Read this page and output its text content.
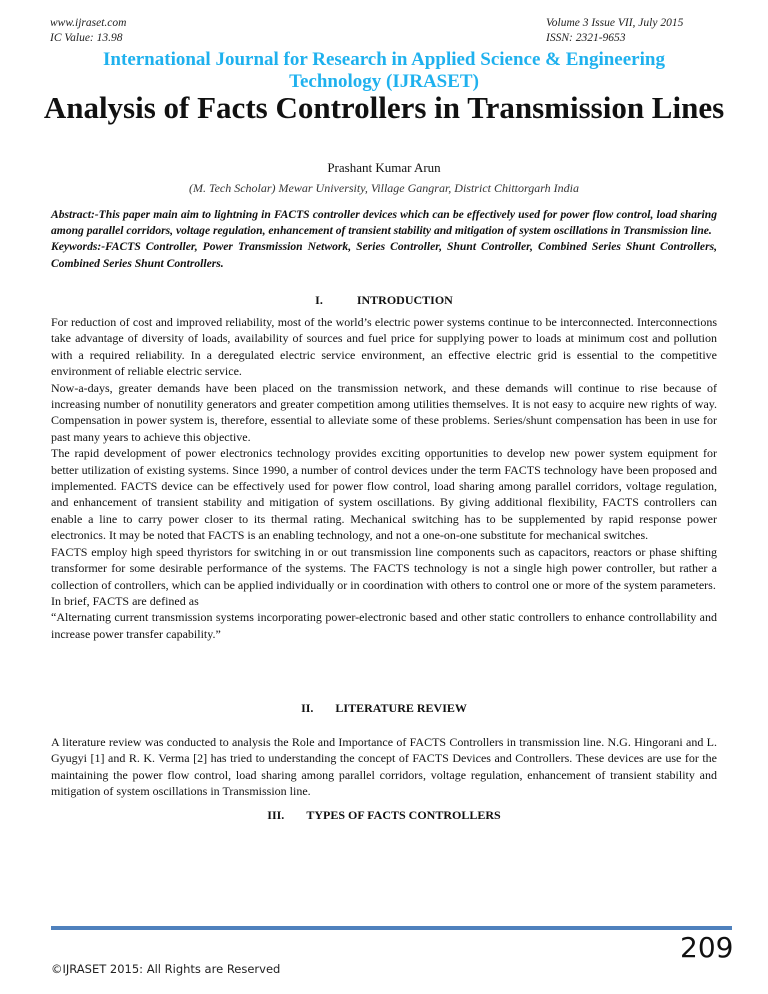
www.ijraset.com
IC Value: 13.98
Volume 3 Issue VII, July 2015
ISSN: 2321-9653
International Journal for Research in Applied Science & Engineering
Technology (IJRASET)
Analysis of Facts Controllers in Transmission Lines
Prashant Kumar Arun
(M. Tech Scholar) Mewar University, Village Gangrar, District Chittorgarh India

Abstract:-This paper main aim to lightning in FACTS controller devices which can be effectively used for power flow control, load sharing among parallel corridors, voltage regulation, enhancement of transient stability and mitigation of system oscillations in Transmission line.

Keywords:-FACTS Controller, Power Transmission Network, Series Controller, Shunt Controller, Combined Series Shunt Controllers, Combined Series Shunt Controllers.

I.	INTRODUCTION

For reduction of cost and improved reliability, most of the world’s electric power systems continue to be interconnected. Interconnections take advantage of diversity of loads, availability of sources and fuel price for supplying power to loads at minimum cost and pollution with a required reliability. In a deregulated electric service environment, an effective electric grid is essential to the competitive environment of reliable electric service.

Now-a-days, greater demands have been placed on the transmission network, and these demands will continue to rise because of increasing number of nonutility generators and greater competition among utilities themselves. It is not easy to acquire new rights of way. Compensation in power system is, therefore, essential to alleviate some of these problems. Series/shunt compensation has been in use for past many years to achieve this objective.

The rapid development of power electronics technology provides exciting opportunities to develop new power system equipment for better utilization of existing systems. Since 1990, a number of control devices under the term FACTS technology have been proposed and implemented. FACTS device can be effectively used for power flow control, load sharing among parallel corridors, voltage regulation, and enhancement of transient stability and mitigation of system oscillations. By giving additional flexibility, FACTS controllers can enable a line to carry power closer to its thermal rating. Mechanical switching has to be supplemented by rapid response power electronics. It may be noted that FACTS is an enabling technology, and not a one-on-one substitute for mechanical switches.

FACTS employ high speed thyristors for switching in or out transmission line components such as capacitors, reactors or phase shifting transformer for some desirable performance of the systems. The FACTS technology is not a single high power controller, but rather a collection of controllers, which can be applied individually or in coordination with others to control one or more of the system parameters.

In brief, FACTS are defined as

“Alternating current transmission systems incorporating power-electronic based and other static controllers to enhance controllability and increase power transfer capability.”

II. LITERATURE REVIEW

A literature review was conducted to analysis the Role and Importance of FACTS Controllers in transmission line. N.G. Hingorani and L. Gyugyi [1] and R. K. Verma [2] has tried to understanding the concept of FACTS Devices and Controllers. These devices are use for the maintaining the power flow control, load sharing among parallel corridors, voltage regulation, enhancement of transient stability and mitigation of system oscillations in Transmission line.

III. TYPES OF FACTS CONTROLLERS
209
©IJRASET 2015: All Rights are Reserved
